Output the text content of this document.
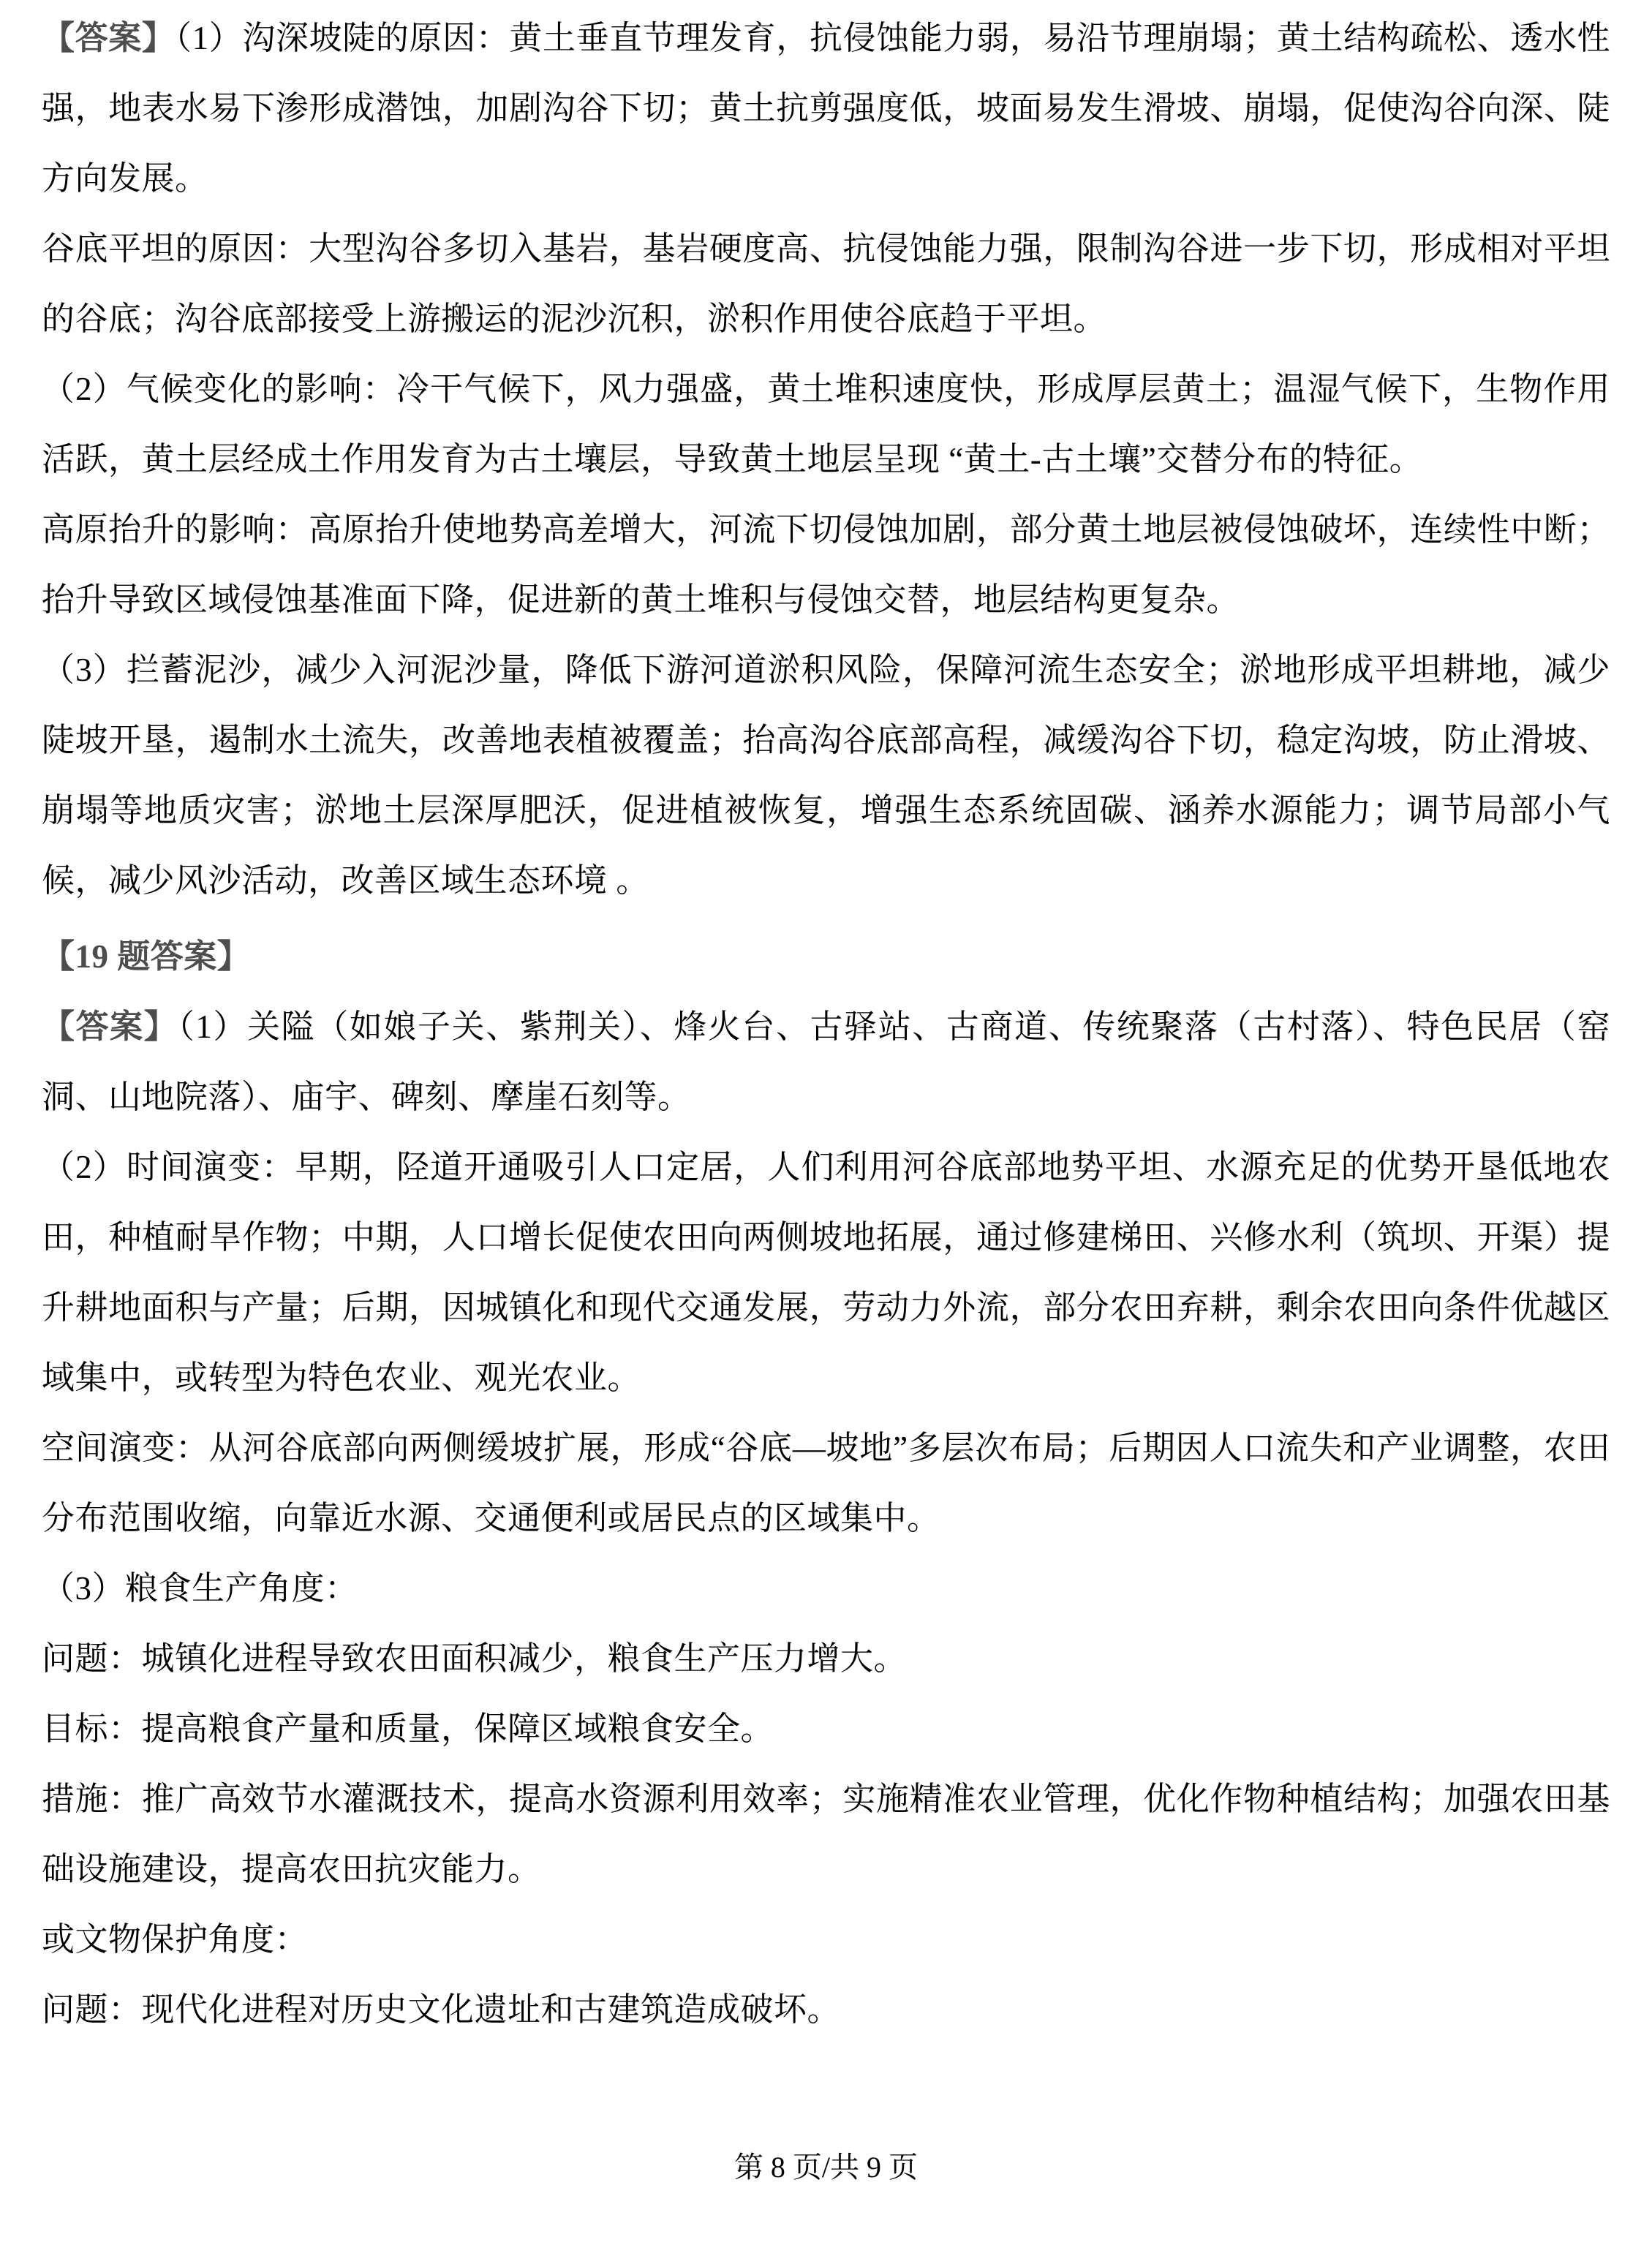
【答案】（1）沟深坡陡的原因：黄土垂直节理发育，抗侵蚀能力弱，易沿节理崩塌；黄土结构疏松、透水性强，地表水易下渗形成潜蚀，加剧沟谷下切；黄土抗剪强度低，坡面易发生滑坡、崩塌，促使沟谷向深、陡方向发展。

谷底平坦的原因：大型沟谷多切入基岩，基岩硬度高、抗侵蚀能力强，限制沟谷进一步下切，形成相对平坦的谷底；沟谷底部接受上游搬运的泥沙沉积，淤积作用使谷底趋于平坦。

（2）气候变化的影响：冷干气候下，风力强盛，黄土堆积速度快，形成厚层黄土；温湿气候下，生物作用活跃，黄土层经成土作用发育为古土壤层，导致黄土地层呈现 “黄土-古土壤”交替分布的特征。

高原抬升的影响：高原抬升使地势高差增大，河流下切侵蚀加剧，部分黄土地层被侵蚀破坏，连续性中断；抬升导致区域侵蚀基准面下降，促进新的黄土堆积与侵蚀交替，地层结构更复杂。

（3）拦蓄泥沙，减少入河泥沙量，降低下游河道淤积风险，保障河流生态安全；淤地形成平坦耕地，减少陡坡开垦，遏制水土流失，改善地表植被覆盖；抬高沟谷底部高程，减缓沟谷下切，稳定沟坡，防止滑坡、崩塌等地质灾害；淤地土层深厚肥沃，促进植被恢复，增强生态系统固碳、涵养水源能力；调节局部小气候，减少风沙活动，改善区域生态环境 。

【19 题答案】

【答案】（1）关隘（如娘子关、紫荆关）、烽火台、古驿站、古商道、传统聚落（古村落）、特色民居（窑洞、山地院落）、庙宇、碑刻、摩崖石刻等。

（2）时间演变：早期，陉道开通吸引人口定居，人们利用河谷底部地势平坦、水源充足的优势开垦低地农田，种植耐旱作物；中期，人口增长促使农田向两侧坡地拓展，通过修建梯田、兴修水利（筑坝、开渠）提升耕地面积与产量；后期，因城镇化和现代交通发展，劳动力外流，部分农田弃耕，剩余农田向条件优越区域集中，或转型为特色农业、观光农业。

空间演变：从河谷底部向两侧缓坡扩展，形成“谷底—坡地”多层次布局；后期因人口流失和产业调整，农田分布范围收缩，向靠近水源、交通便利或居民点的区域集中。

（3）粮食生产角度：

问题：城镇化进程导致农田面积减少，粮食生产压力增大。

目标：提高粮食产量和质量，保障区域粮食安全。

措施：推广高效节水灌溉技术，提高水资源利用效率；实施精准农业管理，优化作物种植结构；加强农田基础设施建设，提高农田抗灾能力。

或文物保护角度：

问题：现代化进程对历史文化遗址和古建筑造成破坏。

第 8 页/共 9 页
